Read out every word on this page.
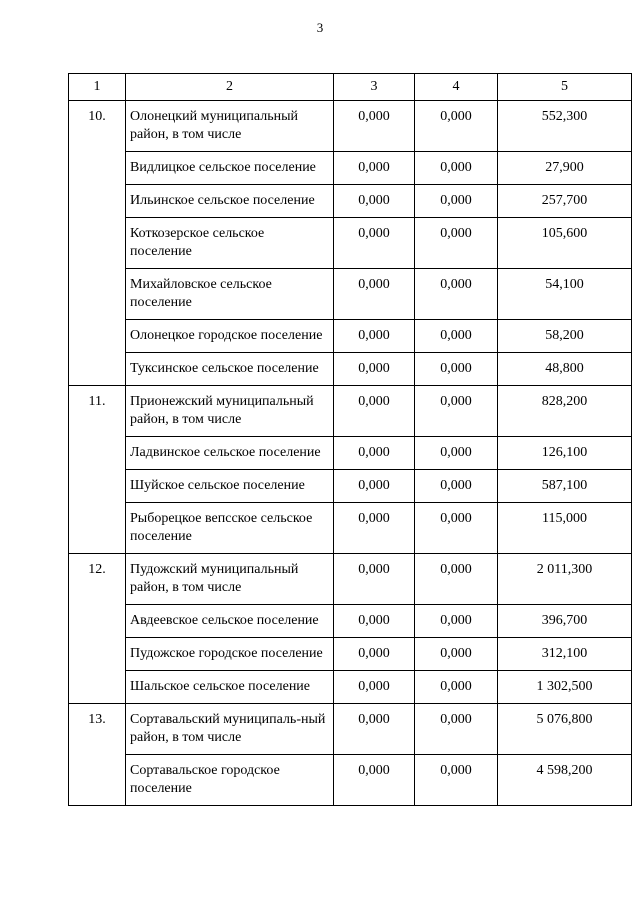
3
1	2	3	4	5
10.	Олонецкий муниципальный район, в том числе	0,000	0,000	552,300
	Видлицкое сельское поселение	0,000	0,000	27,900
	Ильинское сельское поселение	0,000	0,000	257,700
	Коткозерское сельское поселение	0,000	0,000	105,600
	Михайловское сельское поселение	0,000	0,000	54,100
	Олонецкое городское поселение	0,000	0,000	58,200
	Туксинское сельское поселение	0,000	0,000	48,800
11.	Прионежский муниципальный район, в том числе	0,000	0,000	828,200
	Ладвинское сельское поселение	0,000	0,000	126,100
	Шуйское сельское поселение	0,000	0,000	587,100
	Рыборецкое вепсское сельское поселение	0,000	0,000	115,000
12.	Пудожский муниципальный район, в том числе	0,000	0,000	2 011,300
	Авдеевское сельское поселение	0,000	0,000	396,700
	Пудожское городское поселение	0,000	0,000	312,100
	Шальское сельское поселение	0,000	0,000	1 302,500
13.	Сортавальский муниципаль-ный район, в том числе	0,000	0,000	5 076,800
	Сортавальское городское поселение	0,000	0,000	4 598,200
